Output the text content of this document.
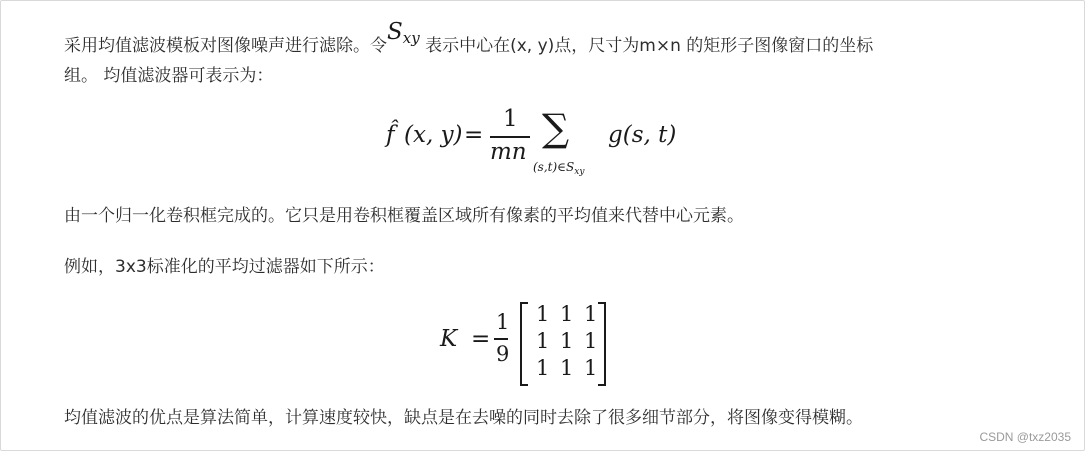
采用均值滤波模板对图像噪声进行滤除。令Sxy 表示中心在(x, y)点，尺寸为m×n 的矩形子图像窗口的坐标

组。 均值滤波器可表示为：

f̂ (x, y) =
1
mn
∑
$(s,t)\in S_{xy}$
g(s, t)

由一个归一化卷积框完成的。它只是用卷积框覆盖区域所有像素的平均值来代替中心元素。

例如，3x3标准化的平均过滤器如下所示：

K =
1
9
1 1 1
1 1 1
1 1 1

均值滤波的优点是算法简单，计算速度较快，缺点是在去噪的同时去除了很多细节部分，将图像变得模糊。

CSDN @txz2035
